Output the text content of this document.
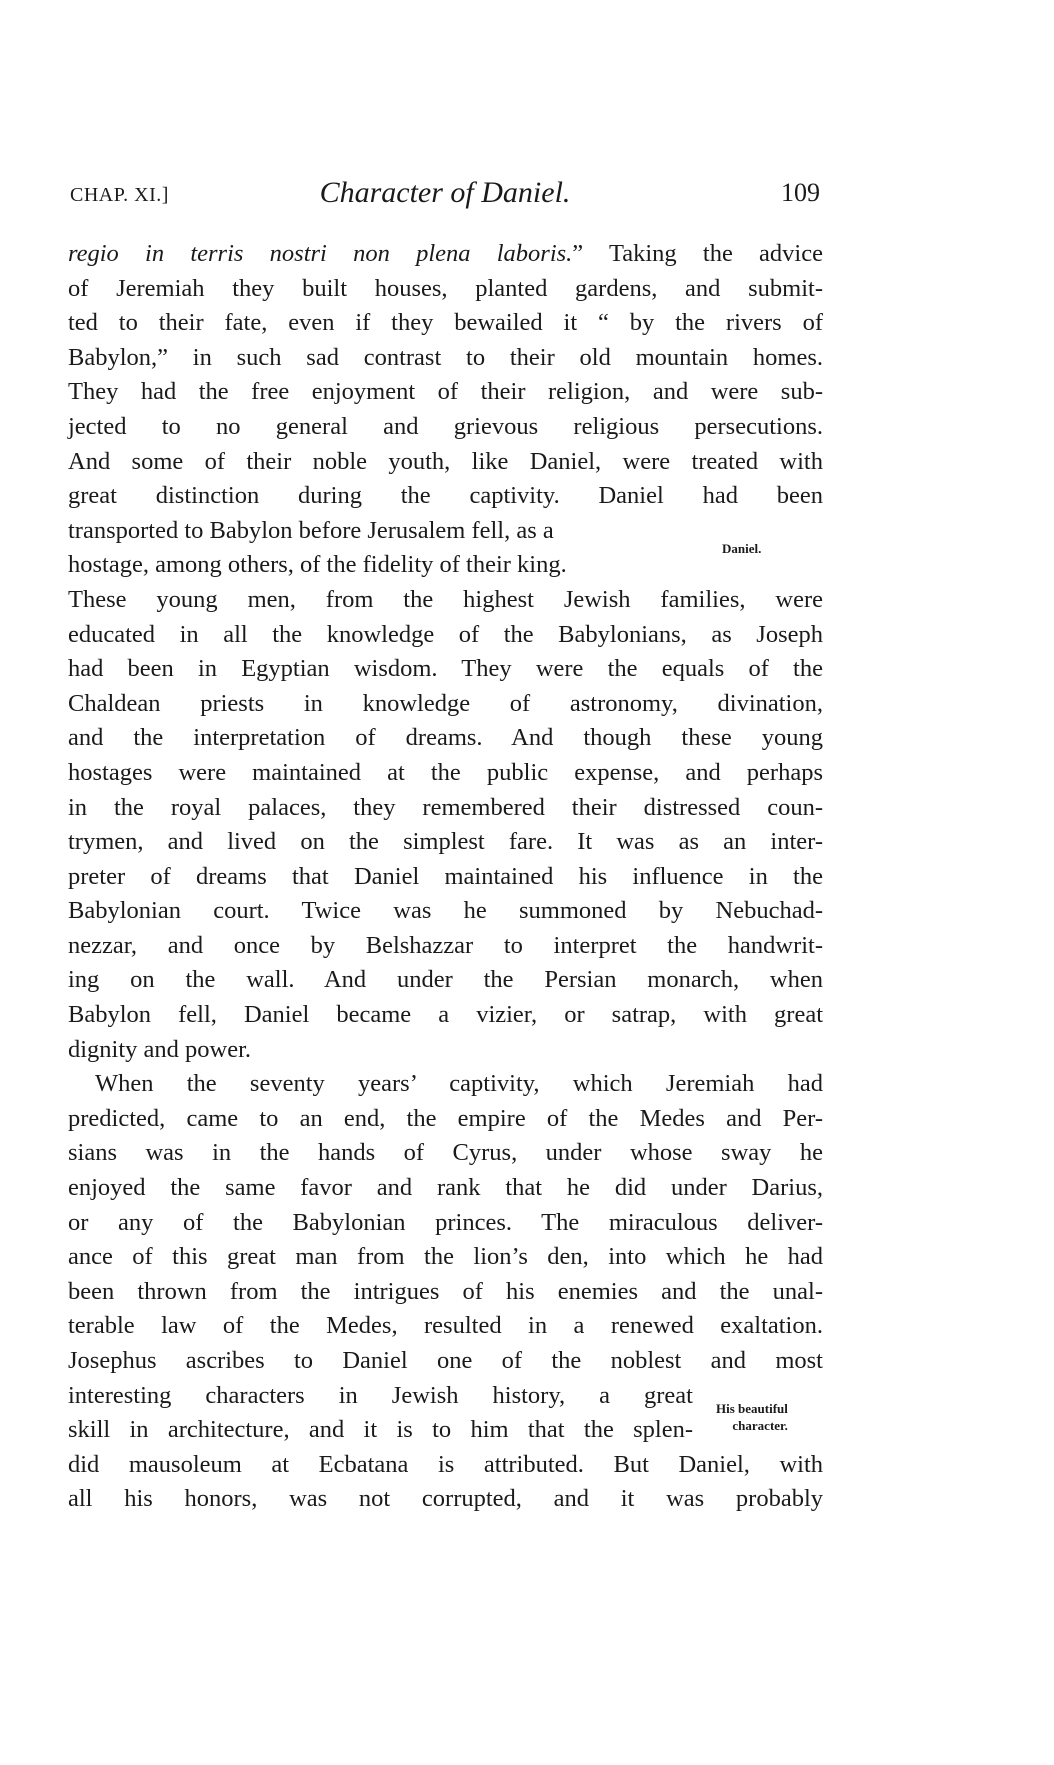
CHAP. XI.]	Character of Daniel.	109
regio in terris nostri non plena laboris.” Taking the advice
of Jeremiah they built houses, planted gardens, and submit-
ted to their fate, even if they bewailed it “ by the rivers of
Babylon,” in such sad contrast to their old mountain homes.
They had the free enjoyment of their religion, and were sub-
jected to no general and grievous religious persecutions.
And some of their noble youth, like Daniel, were treated with
great distinction during the captivity. Daniel had been
transported to Babylon before Jerusalem fell, as a
hostage, among others, of the fidelity of their king.
These young men, from the highest Jewish families, were
educated in all the knowledge of the Babylonians, as Joseph
had been in Egyptian wisdom. They were the equals of the
Chaldean priests in knowledge of astronomy, divination,
and the interpretation of dreams. And though these young
hostages were maintained at the public expense, and perhaps
in the royal palaces, they remembered their distressed coun-
trymen, and lived on the simplest fare. It was as an inter-
preter of dreams that Daniel maintained his influence in the
Babylonian court. Twice was he summoned by Nebuchad-
nezzar, and once by Belshazzar to interpret the handwrit-
ing on the wall. And under the Persian monarch, when
Babylon fell, Daniel became a vizier, or satrap, with great
dignity and power.
When the seventy years’ captivity, which Jeremiah had
predicted, came to an end, the empire of the Medes and Per-
sians was in the hands of Cyrus, under whose sway he
enjoyed the same favor and rank that he did under Darius,
or any of the Babylonian princes. The miraculous deliver-
ance of this great man from the lion’s den, into which he had
been thrown from the intrigues of his enemies and the unal-
terable law of the Medes, resulted in a renewed exaltation.
Josephus ascribes to Daniel one of the noblest and most
interesting characters in Jewish history, a great
skill in architecture, and it is to him that the splen-
did mausoleum at Ecbatana is attributed. But Daniel, with
all his honors, was not corrupted, and it was probably
Daniel.
His beautiful
character.
